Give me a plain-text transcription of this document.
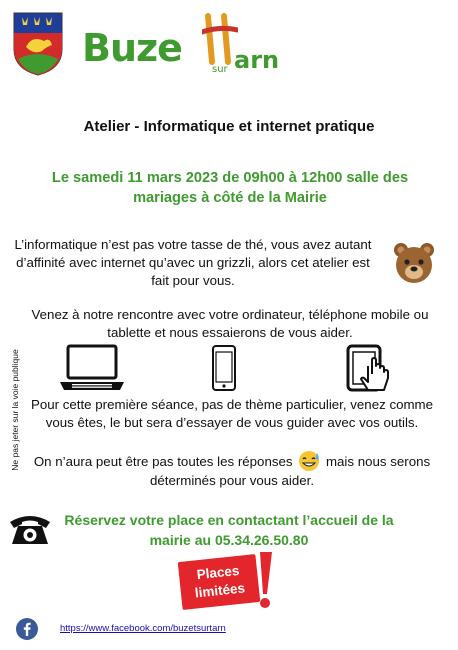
Buze	sur arn
Atelier - Informatique et internet pratique
Le samedi 11 mars 2023 de 09h00 à 12h00 salle des mariages à côté de la Mairie
L’informatique n’est pas votre tasse de thé, vous avez autant d’affinité avec internet qu’avec un grizzli, alors cet atelier est fait pour vous.
Venez à notre rencontre avec votre ordinateur, téléphone mobile ou tablette et nous essaierons de vous aider.
Pour cette première séance, pas de thème particulier, venez comme vous êtes, le but sera d’essayer de vous guider avec vos outils.
On n’aura peut être pas toutes les réponses	mais nous serons déterminés pour vous aider.
Ne pas jeter sur la voie publique
Réservez votre place en contactant l’accueil de la mairie au 05.34.26.50.80
Places
limitées
https://www.facebook.com/buzetsurtarn
